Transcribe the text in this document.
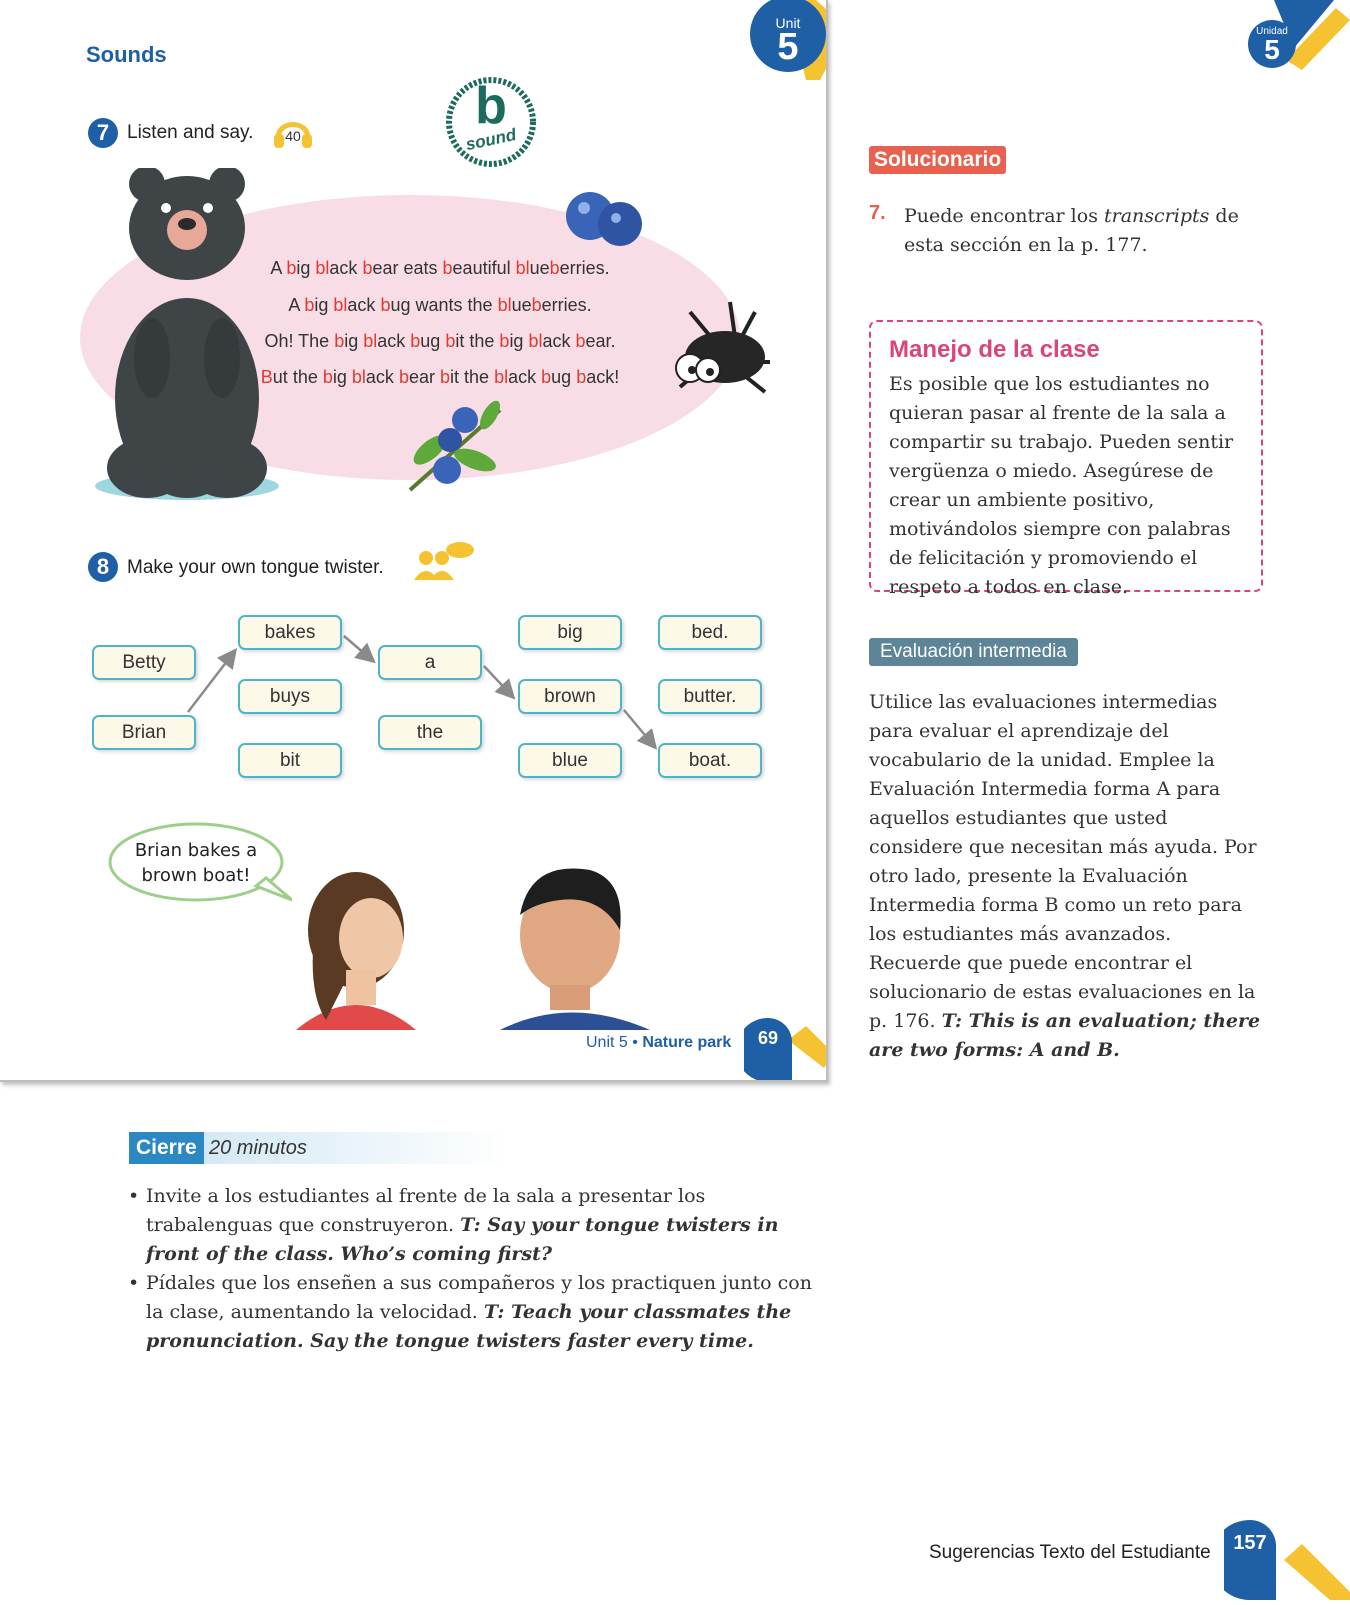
Sounds
Unit
5
7 Listen and say.	40
b
sound
A big black bear eats beautiful blueberries.
A big black bug wants the blueberries.
Oh! The big black bug bit the big black bear.
But the big black bear bit the black bug back!
8 Make your own tongue twister.
Betty
Brian
bakes
buys
bit
a
the
big
brown
blue
bed.
butter.
boat.
Brian bakes a brown boat!
Unit 5 • Nature park	69
Unidad
5
Solucionario
7. Puede encontrar los transcripts de esta sección en la p. 177.
Manejo de la clase
Es posible que los estudiantes no quieran pasar al frente de la sala a compartir su trabajo. Pueden sentir vergüenza o miedo. Asegúrese de crear un ambiente positivo, motivándolos siempre con palabras de felicitación y promoviendo el respeto a todos en clase.
Evaluación intermedia
Utilice las evaluaciones intermedias para evaluar el aprendizaje del vocabulario de la unidad. Emplee la Evaluación Intermedia forma A para aquellos estudiantes que usted considere que necesitan más ayuda. Por otro lado, presente la Evaluación Intermedia forma B como un reto para los estudiantes más avanzados. Recuerde que puede encontrar el solucionario de estas evaluaciones en la p. 176. T: This is an evaluation; there are two forms: A and B.
Cierre 20 minutos
• Invite a los estudiantes al frente de la sala a presentar los trabalenguas que construyeron. T: Say your tongue twisters in front of the class. Who’s coming first?
• Pídales que los enseñen a sus compañeros y los practiquen junto con la clase, aumentando la velocidad. T: Teach your classmates the pronunciation. Say the tongue twisters faster every time.
Sugerencias Texto del Estudiante	157
